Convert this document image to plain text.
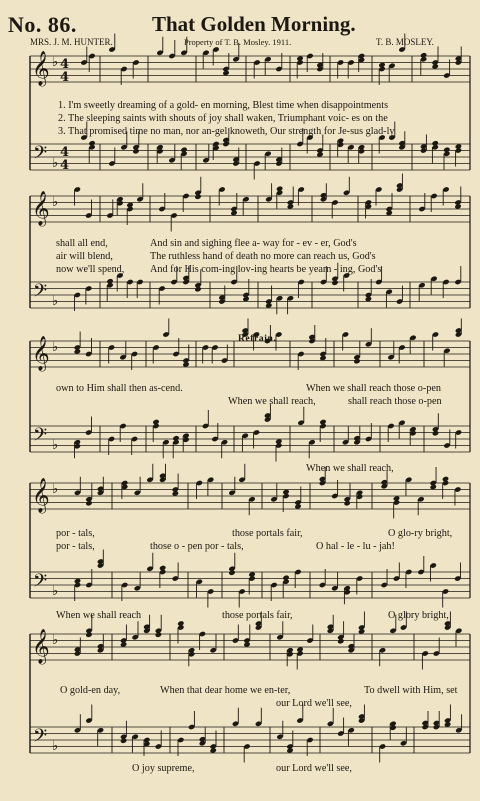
No. 86.	That Golden Morning.
MRS. J. M. HUNTER.	Property of T. B. Mosley. 1911.	T. B. MOSLEY.
𝄞
𝄢
♭
♭
4
4
4
4
𝄞
𝄢
♭
♭
𝄞
𝄢
♭
♭
𝄞
𝄢
♭
♭
𝄞
𝄢
♭
♭
1. I'm sweetly dreaming of a gold- en morning, Blest time when disappointments
2. The sleeping saints with shouts of joy shall waken, Triumphant voic- es on the
3. That promised time no man, nor an-gel knoweth, Our strength for Je-sus glad-ly
shall all end,	And sin and sighing flee a- way for - ev - er, God's
air will blend,	The ruthless hand of death no more can reach us, God's
now we'll spend,	And for His com-ing lov-ing hearts be yearn - ing, God's
Refrain.
own to Him shall then as-cend.	When we shall reach those o-pen
When we shall reach,	shall reach those o-pen
When we shall reach,
por - tals,	those portals fair,	O glo-ry bright,
por - tals,	those o - pen por - tals,	O hal - le - lu - jah!
When we shall reach	those portals fair,	O glory bright,
O gold-en day,	When that dear home we en-ter,	To dwell with Him, set
our Lord we'll see,
O joy supreme,	our Lord we'll see,
